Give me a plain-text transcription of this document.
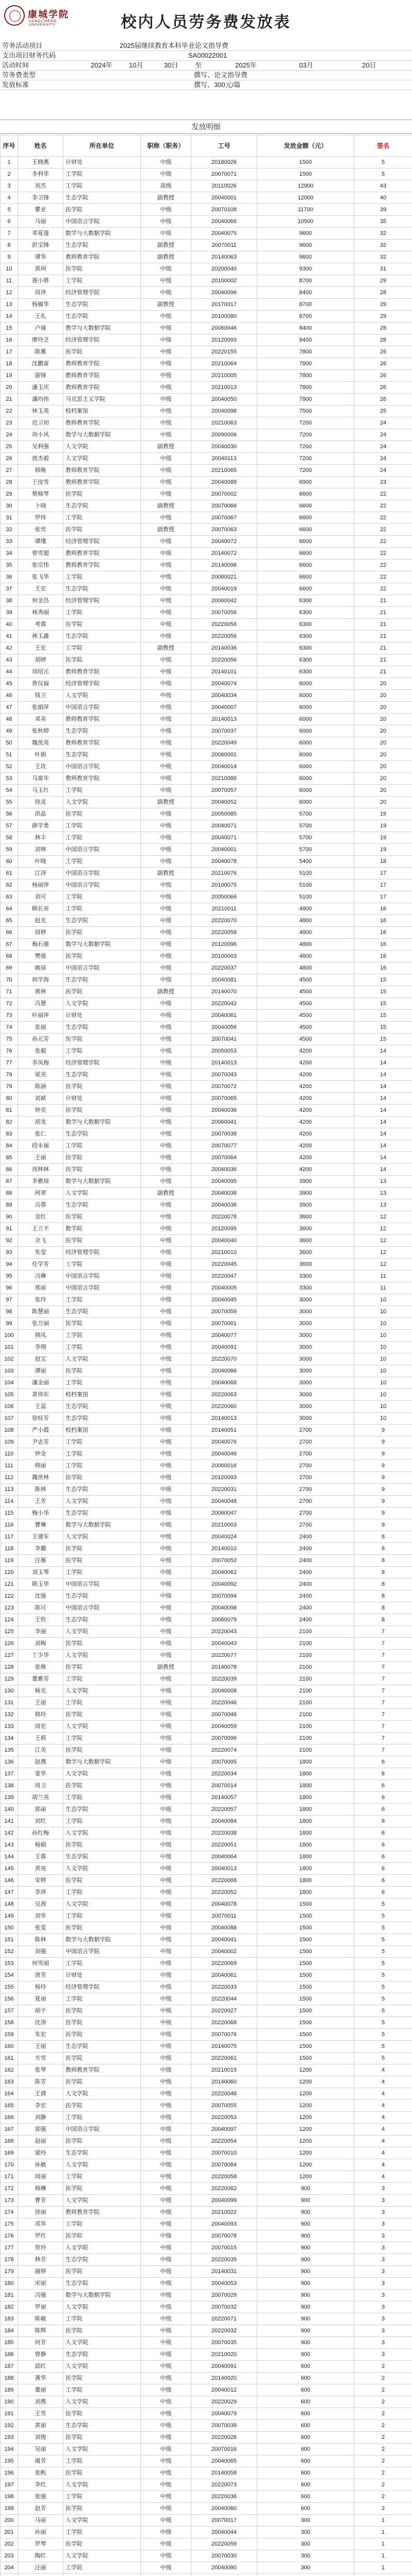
康城学院
KANGCHENG UNIVERSITY	校内人员劳务费发放表
劳务活动项目	2025届继续教育本科毕业论文指导费
支出项目财务代码	SA00022001
活动时间	2024年 10月	30日	至	2025年	03月	20日
劳务费类型	撰写、论文指导费
发放标准	撰写、300元/篇
发放明细
序号	姓名	所在单位	职称（职务）	工号	发放金额（元）	签名
1	王晓燕	计财处	中级	20180026	1500	5
2	李利华	工学院	中级	20070071	1500	5
3	刘杰	工学院	高级	20110026	12900	43
4	李卫锋	生态学院	副教授	20040001	12000	40
5	瞿亚	医学院	中级	20070108	11700	39
6	马丽	中国语言学院	中级	20040066	10500	35
7	邓夏莲	数学与大数据学院	中级	20040075	9600	32
8	彭宝锋	生态学院	副教授	20070011	9600	32
9	谭华	教师教育学院	副教授	20140063	9600	32
10	黄珂	医学院	中级	20200040	9300	31
11	聂小骅	工学院	中级	20100002	8700	29
12	周萍	经济管理学院	中级	20040096	8400	28
13	杨嫱华	生态学院	副教授	20170017	8700	29
14	王礼	生态学院	中级	20100080	8700	29
15	卢瑜	教学与大数据学院	中级	20060046	8400	28
16	廖玲芝	经济管理学院	中级	20120093	8400	28
17	陈翼	医学院	中级	20220155	7800	26
18	沈鹏富	教师教育学院	中级	20210064	7800	26
19	游锋	教师教育学院	中级	20210005	7800	26
20	潘玉庆	教师教育学院	中级	20210013	7800	26
21	潘均伟	马克思主义学院	中级	20040050	7800	26
22	林玉英	校档案馆	中级	20040098	7500	25
23	范卫初	教师教育学院	中级	20210063	7200	24
24	周小风	数学与大数据学院	中级	20090006	7200	24
25	吴利强	人文学院	副教授	20040030	7200	24
26	唐杰毅	人文学院	中级	20040113	7200	24
27	韩焕	教师教育学院	中级	20210065	7200	24
28	于汝雪	教师教育学院	中级	20040089	6900	23
29	蔡修琴	医学院	中级	20070002	6600	22
30	卜晓	生态学院	副教授	20070066	6600	22
31	罗炜	工学院	中级	20070067	6600	22
32	张雪	医学院	副教授	20070063	6600	22
33	谭瑾	经济管理学院	中级	20040072	6600	22
34	曾雪超	教师教育学院	中级	20140072	6600	22
35	张宗伟	教师教育学院	中级	20140098	6600	22
36	张飞华	工学院	中级	20080021	6600	22
37	王宏	生态学院	中级	20040019	6600	22
38	何金昌	经济管理学院	中级	20060042	6300	21
39	林秀丽	工学院	中级	20070056	6300	21
40	考蓉	医学院	中级	20220056	6300	21
41	林玉鑫	生态学院	中级	20220056	6300	21
42	王宏	工学院	副教授	20140036	6300	21
43	胡婷	医学院	中级	20220056	6300	21
44	周绍元	教师教育学院	中级	20140101	6300	21
45	詹仪福	经济管理学院	中级	20040074	6000	20
46	钱卫	人文学院	中级	20040034	6000	20
47	张娟萍	中国语言学院	中级	20040007	6000	20
48	邓美	教师教育学院	中级	20140013	6000	20
49	张秋婷	生态学院	中级	20070037	6000	20
50	魏优英	教师教育学院	中级	20220049	6000	20
51	叶娟	生态学院	中级	20060001	6000	20
52	王玫	中国语言学院	中级	20040014	6000	20
53	马富年	教师教育学院	中级	20210086	6000	20
54	马玉红	工学院	中级	20070057	6000	20
55	徐灵	人文学院	副教授	20040052	6000	20
56	洪晶	医学院	中级	20050085	5700	19
57	薛学勇	工学院	中级	20040071	5700	19
58	林丰	工学院	中级	20040071	5700	19
59	刘林	中国语言学院	中级	20040001	5700	19
60	叶晓	工学院	中级	20040078	5400	18
61	江泽	中国语言学院	副教授	20210076	5100	17
62	杨丽萍	中国语言学院	中级	20100075	5100	17
63	刘可	工学院	中级	20050066	5100	17
64	顾长亮	工学院	中级	20210011	4800	16
65	赵光	生态学院	中级	20220070	4800	16
66	周婷	医学院	中级	20220058	4800	16
67	梅石驰	数学与大数据学院	中级	20120096	4800	16
68	樊强	医学院	中级	20100003	4800	16
69	姚瑶	中国语言学院	中级	20220037	4800	16
70	何学海	生态学院	中级	20040081	4500	15
71	蒋林	医学院	副教授	20140070	4500	15
72	冯慧	人文学院	中级	20220042	4500	15
73	叶丽萍	计财处	中级	20040061	4500	15
74	张丽	生态学院	中级	20040056	4500	15
75	孙元芳	医学院	中级	20070041	4500	15
76	张毅	工学院	中级	20050053	4200	14
77	李凤梅	经济管理学院	中级	20140013	4200	14
78	梁美	生态学院	中级	20070043	4200	14
79	陈涵	医学院	中级	20070072	4200	14
80	刘斌	计财处	中级	20070065	4200	14
81	钟美	医学院	中级	20040036	4200	14
82	胡龙	数学与大数据学院	中级	20060041	4200	14
83	张仁	生态学院	中级	20070038	4200	14
84	段永福	工学院	中级	20070077	4200	14
85	王丽	医学院	中级	20070064	4200	14
86	周林林	医学院	中级	20040036	4200	14
87	李雅琼	数学与大数据学院	中级	20040095	3900	13
88	何翠	人文学院	副教授	20040038	3900	13
89	冯蓉	生态学院	中级	20040036	3900	13
90	金红	医学院	中级	20220078	3600	12
91	王立平	数学院	中级	20120095	3600	12
92	余飞	医学院	中级	20040040	3600	12
93	朱莹	经济管理学院	中级	20210010	3600	12
94	任学芳	工学院	中级	20220045	3600	12
95	冯琳	中国语言学院	中级	20220047	3300	11
96	郑丽	中国语言学院	中级	20040005	3300	11
97	张玲	工学院	中级	20040045	3000	10
98	陈慧丽	生态学院	中级	20070059	3000	10
99	张万丽	医学院	中级	20070061	3000	10
100	韩凤	工学院	中级	20040077	3000	10
101	李翔	工学院	中级	20040091	3000	10
102	赵宝	人文学院	中级	20220070	3000	10
103	谭丽	医学院	中级	20040066	3000	10
104	潘金丽	工学院	中级	20040068	3000	10
105	黄伟东	校档案馆	中级	20220063	3000	10
106	王蕊	生态学院	中级	20220060	3000	10
107	徐桂芳	生态学院	中级	20140013	3000	10
108	严小霞	校档案馆	中级	20140051	2700	9
109	尹志芳	工学院	中级	20040076	2700	9
110	钟金	工学院	中级	20040049	2700	9
111	韩丽	工学院	中级	20060016	2700	9
112	魏世林	医学院	中级	20120093	2700	9
113	陈林	生态学院	中级	20220031	2700	9
114	王芳	人文学院	中级	20040048	2700	9
115	梅小华	生态学院	中级	20060047	2700	9
116	曹琳	数学与大数据学院	中级	20210003	2700	9
117	王建军	人文学院	中级	20040024	2400	8
118	李璐	医学院	中级	20140010	2400	8
119	汪雁	医学院	中级	20070052	2400	8
120	刘玉琴	工学院	中级	20040062	2400	8
121	陈玉华	中国语言学院	中级	20040092	2400	8
122	沈强	生态学院	中级	20070094	2400	8
123	陈可	中国语言学院	中级	20040098	2400	8
124	王钦	生态学院	中级	20060079	2400	8
125	李丽	人文学院	中级	20220043	2100	7
126	刘梅	医学院	中级	20040043	2100	7
127	丁少华	人文学院	中级	20220077	2100	7
128	张焕	医学院	副教授	20140078	2100	7
129	董雅芳	工学院	中级	20220039	2100	7
130	杨光	人文学院	中级	20040008	2100	7
131	王丽	工学院	中级	20220046	2100	7
132	韩玲	医学院	中级	20070046	2100	7
133	周宏	人文学院	中级	20040059	2100	7
134	王莉	工学院	中级	20070096	2100	7
135	江美	医学院	中级	20220074	2100	7
136	赵燕	数学与大数据学院	中级	20070095	1800	6
137	姜华	人文学院	中级	20220034	1800	6
138	周卫	医学院	中级	20070014	1800	6
139	胡兰英	工学院	中级	20140057	1800	6
140	郭丽	生态学院	中级	20220057	1800	6
141	刘红	工学院	中级	20040084	1800	6
142	孙红梅	人文学院	中级	20220038	1800	6
143	杨娟	医学院	中级	20220051	1800	6
144	王蓉	生态学院	中级	20040064	1800	6
145	黄亮	人文学院	中级	20040013	1800	6
146	宋婷	医学院	中级	20220066	1800	6
147	李萍	工学院	中级	20220052	1800	6
148	吴海	人文学院	中级	20040078	1500	5
149	刘华	工学院	中级	20070011	1500	5
150	张雯	医学院	中级	20040088	1500	5
151	陈林	数学与大数据学院	中级	20040041	1500	5
152	刘强	中国语言学院	中级	20040002	1500	5
153	何雪丽	工学院	中级	20220069	1500	5
154	唐芳	计财处	中级	20040061	1500	5
155	杨玲	经济管理学院	中级	20220033	1500	5
156	夏丽	工学院	中级	20220044	1500	5
157	胡平	医学院	中级	20220027	1500	5
158	沈涛	医学院	中级	20220068	1500	5
159	朱宏	医学院	中级	20070076	1500	5
160	王丽	生态学院	中级	20140075	1500	5
161	方雪	医学院	中级	20220061	1500	5
162	张琴	教师教育学院	中级	20210015	1200	4
163	陈芳	医学院	中级	20140060	1200	4
164	王倩	人文学院	中级	20220048	1200	4
165	李宏	医学院	中级	20070055	1200	4
166	刘静	工学院	中级	20220053	1200	4
167	郭强	中国语言学院	中级	20040097	1200	4
168	赵丽	医学院	中级	20220054	1200	4
169	梁玲	生态学院	中级	20070010	1200	4
170	孙敏	人文学院	中级	20070084	1200	4
171	周丽	工学院	中级	20220058	1200	4
172	韩琳	医学院	中级	20220062	900	3
173	曹芳	人文学院	中级	20040099	900	3
174	徐丽	教师教育学院	中级	20210022	900	3
175	邓华	工学院	中级	20040093	900	3
176	罗红	医学院	中级	20070078	900	3
177	贺玲	人文学院	中级	20070015	900	3
178	林芳	生态学院	中级	20220035	900	3
179	谢婷	医学院	中级	20140031	900	3
180	宋丽	生态学院	中级	20040053	900	3
181	冯强	数学与大数据学院	中级	20070029	900	3
182	罗丽	人文学院	中级	20070032	900	3
183	陈敏	工学院	中级	20220071	900	3
184	陈辉	医学院	中级	20220032	900	3
185	何芳	人文学院	中级	20070035	900	3
186	曾静	生态学院	中级	20210020	900	3
187	邱红	人文学院	中级	20040091	600	2
188	龚华	医学院	中级	20140020	600	2
189	董丽	工学院	中级	20040012	600	2
190	刘燕	人文学院	中级	20220029	600	2
191	王雪	医学院	中级	20040079	600	2
192	黄丽	生态学院	中级	20070039	600	2
193	刘俊	医学院	中级	20220026	600	2
194	吴丽	人文学院	中级	20070016	600	2
195	谢芳	工学院	中级	20040065	600	2
196	张帆	医学院	中级	20140058	600	2
197	李红	人文学院	中级	20220073	600	2
198	张强	工学院	中级	20220036	600	2
199	赵芳	医学院	中级	20040060	600	2
200	马丽	人文学院	中级	20070017	300	1
201	孙丽	工学院	中级	20040044	300	1
202	罗琴	医学院	中级	20220059	300	1
203	陶红	人文学院	中级	20070030	300	1
204	汪丽	工学院	中级	20040090	300	1
